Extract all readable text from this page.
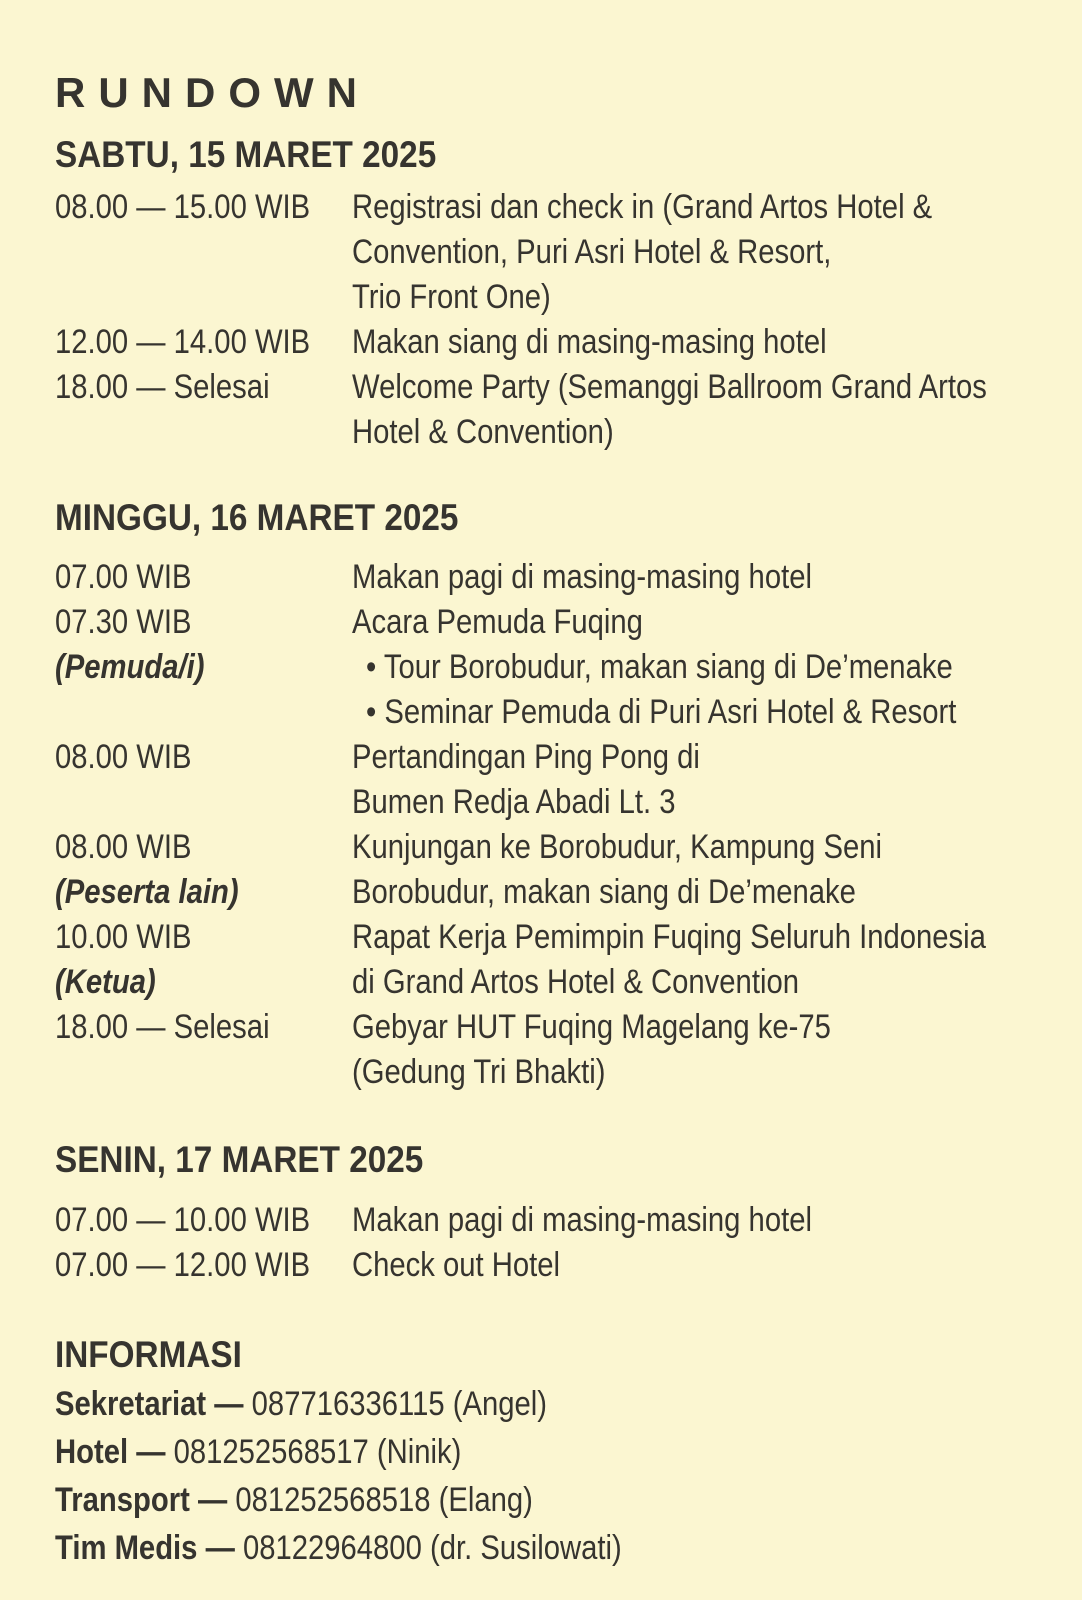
RUNDOWN
SABTU, 15 MARET 2025
08.00 — 15.00 WIB	Registrasi dan check in (Grand Artos Hotel &
Convention, Puri Asri Hotel & Resort,
Trio Front One)
12.00 — 14.00 WIB	Makan siang di masing-masing hotel
18.00 — Selesai	Welcome Party (Semanggi Ballroom Grand Artos
Hotel & Convention)
MINGGU, 16 MARET 2025
07.00 WIB	Makan pagi di masing-masing hotel
07.30 WIB	Acara Pemuda Fuqing
(Pemuda/i)	• Tour Borobudur, makan siang di De’menake
• Seminar Pemuda di Puri Asri Hotel & Resort
08.00 WIB	Pertandingan Ping Pong di
Bumen Redja Abadi Lt. 3
08.00 WIB	Kunjungan ke Borobudur, Kampung Seni
(Peserta lain)	Borobudur, makan siang di De’menake
10.00 WIB	Rapat Kerja Pemimpin Fuqing Seluruh Indonesia
(Ketua)	di Grand Artos Hotel & Convention
18.00 — Selesai	Gebyar HUT Fuqing Magelang ke-75
(Gedung Tri Bhakti)
SENIN, 17 MARET 2025
07.00 — 10.00 WIB	Makan pagi di masing-masing hotel
07.00 — 12.00 WIB	Check out Hotel
INFORMASI
Sekretariat — 087716336115 (Angel)
Hotel — 081252568517 (Ninik)
Transport — 081252568518 (Elang)
Tim Medis — 08122964800 (dr. Susilowati)
